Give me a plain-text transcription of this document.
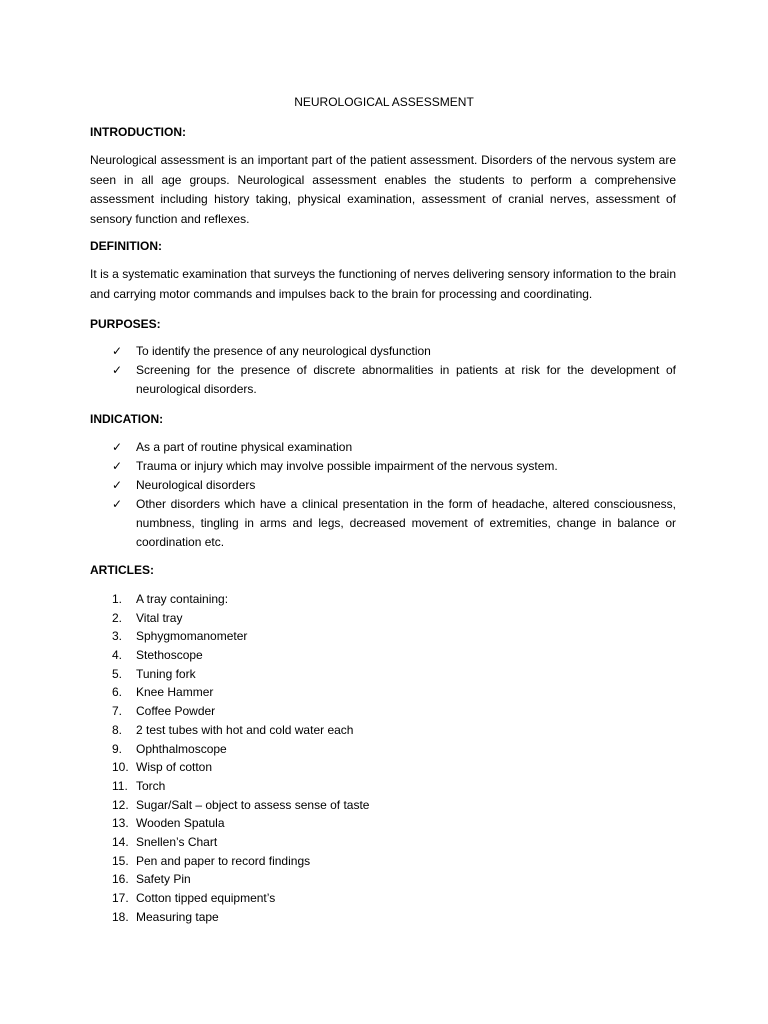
NEUROLOGICAL ASSESSMENT
INTRODUCTION:
Neurological assessment is an important part of the patient assessment. Disorders of the nervous system are seen in all age groups. Neurological assessment enables the students to perform a comprehensive assessment including history taking, physical examination, assessment of cranial nerves, assessment of sensory function and reflexes.
DEFINITION:
It is a systematic examination that surveys the functioning of nerves delivering sensory information to the brain and carrying motor commands and impulses back to the brain for processing and coordinating.
PURPOSES:
✓ To identify the presence of any neurological dysfunction
✓ Screening for the presence of discrete abnormalities in patients at risk for the development of neurological disorders.
INDICATION:
✓ As a part of routine physical examination
✓ Trauma or injury which may involve possible impairment of the nervous system.
✓ Neurological disorders
✓ Other disorders which have a clinical presentation in the form of headache, altered consciousness, numbness, tingling in arms and legs, decreased movement of extremities, change in balance or coordination etc.
ARTICLES:
1. A tray containing:
2. Vital tray
3. Sphygmomanometer
4. Stethoscope
5. Tuning fork
6. Knee Hammer
7. Coffee Powder
8. 2 test tubes with hot and cold water each
9. Ophthalmoscope
10. Wisp of cotton
11. Torch
12. Sugar/Salt – object to assess sense of taste
13. Wooden Spatula
14. Snellen’s Chart
15. Pen and paper to record findings
16. Safety Pin
17. Cotton tipped equipment’s
18. Measuring tape
